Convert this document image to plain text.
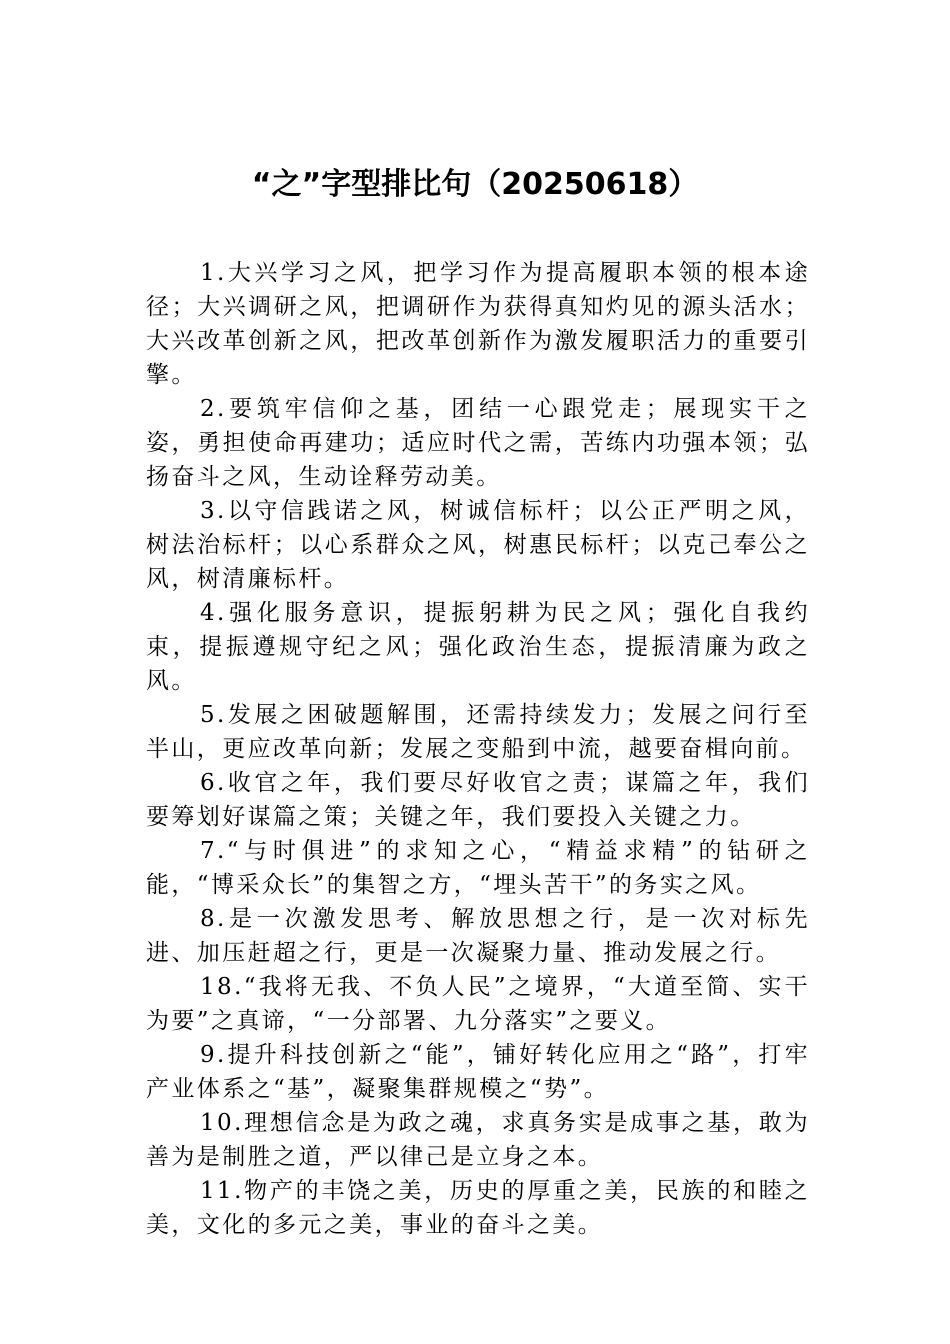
“之”字型排比句（20250618）

1.大兴学习之风，把学习作为提高履职本领的根本途径；大兴调研之风，把调研作为获得真知灼见的源头活水；大兴改革创新之风，把改革创新作为激发履职活力的重要引擎。

2.要筑牢信仰之基，团结一心跟党走；展现实干之姿，勇担使命再建功；适应时代之需，苦练内功强本领；弘扬奋斗之风，生动诠释劳动美。

3.以守信践诺之风，树诚信标杆；以公正严明之风，树法治标杆；以心系群众之风，树惠民标杆；以克己奉公之风，树清廉标杆。

4.强化服务意识，提振躬耕为民之风；强化自我约束，提振遵规守纪之风；强化政治生态，提振清廉为政之风。

5.发展之困破题解围，还需持续发力；发展之问行至半山，更应改革向新；发展之变船到中流，越要奋楫向前。

6.收官之年，我们要尽好收官之责；谋篇之年，我们要筹划好谋篇之策；关键之年，我们要投入关键之力。

7.“与时俱进”的求知之心，“精益求精”的钻研之能，“博采众长”的集智之方，“埋头苦干”的务实之风。

8.是一次激发思考、解放思想之行，是一次对标先进、加压赶超之行，更是一次凝聚力量、推动发展之行。

18.“我将无我、不负人民”之境界，“大道至简、实干为要”之真谛，“一分部署、九分落实”之要义。

9.提升科技创新之“能”，铺好转化应用之“路”，打牢产业体系之“基”，凝聚集群规模之“势”。

10.理想信念是为政之魂，求真务实是成事之基，敢为善为是制胜之道，严以律己是立身之本。

11.物产的丰饶之美，历史的厚重之美，民族的和睦之美，文化的多元之美，事业的奋斗之美。
